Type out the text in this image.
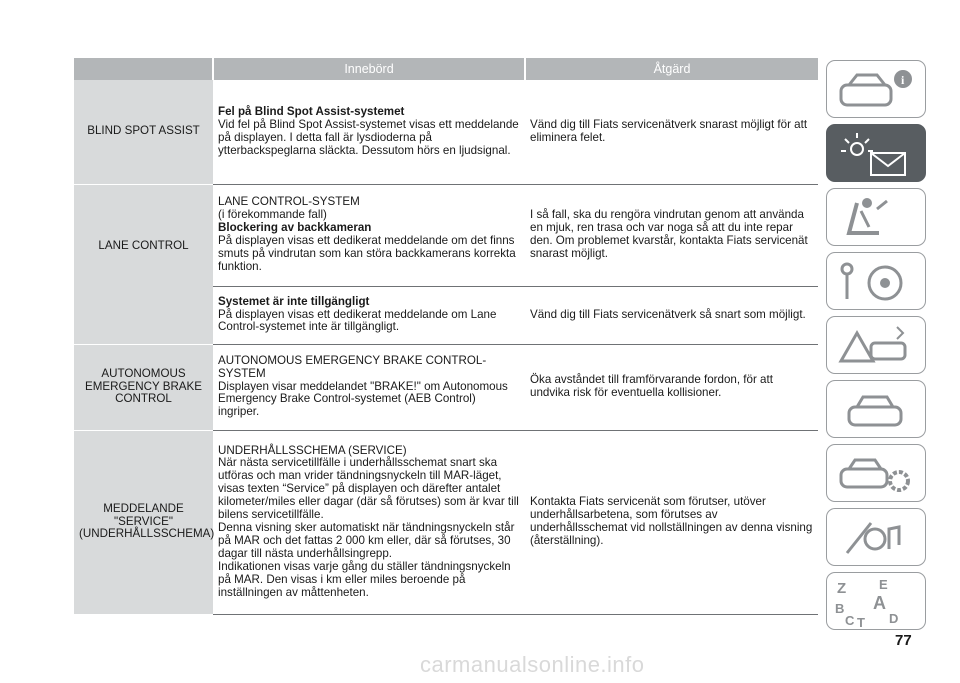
	Innebörd	Åtgärd
BLIND SPOT ASSIST	Fel på Blind Spot Assist-systemet
Vid fel på Blind Spot Assist-systemet visas ett meddelande på displayen. I detta fall är lysdioderna på ytterbackspeglarna släckta. Dessutom hörs en ljudsignal.	Vänd dig till Fiats servicenätverk snarast möjligt för att eliminera felet.
LANE CONTROL	LANE CONTROL-SYSTEM
(i förekommande fall)
Blockering av backkameran
På displayen visas ett dedikerat meddelande om det finns smuts på vindrutan som kan störa backkamerans korrekta funktion.	I så fall, ska du rengöra vindrutan genom att använda en mjuk, ren trasa och var noga så att du inte repar den. Om problemet kvarstår, kontakta Fiats servicenät snarast möjligt.

	Systemet är inte tillgängligt
På displayen visas ett dedikerat meddelande om Lane Control-systemet inte är tillgängligt.	Vänd dig till Fiats servicenätverk så snart som möjligt.
AUTONOMOUS EMERGENCY BRAKE CONTROL	AUTONOMOUS EMERGENCY BRAKE CONTROL-SYSTEM
Displayen visar meddelandet "BRAKE!" om Autonomous Emergency Brake Control-systemet (AEB Control) ingriper.	Öka avståndet till framförvarande fordon, för att undvika risk för eventuella kollisioner.
MEDDELANDE "SERVICE" (UNDERHÅLLSSCHEMA)	UNDERHÅLLSSCHEMA (SERVICE)
När nästa servicetillfälle i underhållsschemat snart ska utföras och man vrider tändningsnyckeln till MAR-läget, visas texten “Service” på displayen och därefter antalet kilometer/miles eller dagar (där så förutses) som är kvar till bilens servicetillfälle.
Denna visning sker automatiskt när tändningsnyckeln står på MAR och det fattas 2 000 km eller, där så förutses, 30 dagar till nästa underhållsingrepp.
Indikationen visas varje gång du ställer tändningsnyckeln på MAR. Den visas i km eller miles beroende på inställningen av måttenheten.	Kontakta Fiats servicenät som förutser, utöver underhållsarbetena, som förutses av underhållsschemat vid nollställningen av denna visning (återställning).
i
Z	E
B A
C T D
77
carmanualsonline.info
